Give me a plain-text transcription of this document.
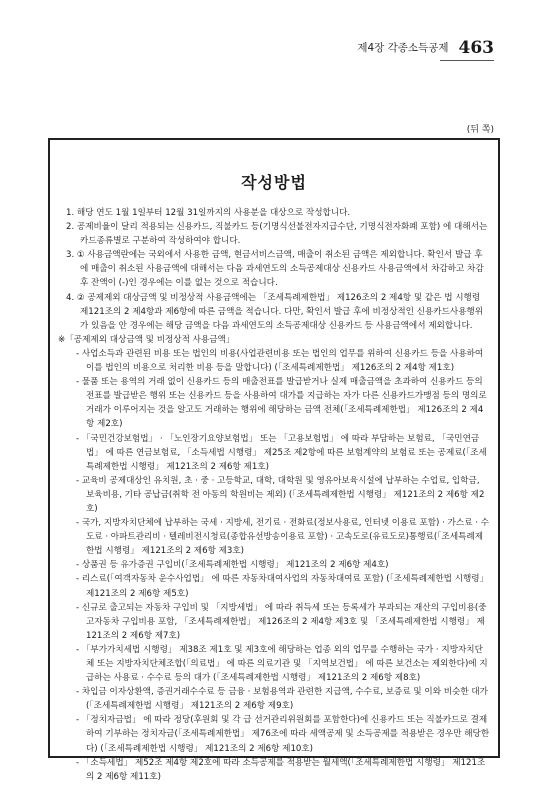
제4장 각종소득공제 463
(뒤 쪽)
작성방법

1. 해당 연도 1월 1일부터 12월 31일까지의 사용분을 대상으로 작성합니다.

2. 공제비율이 달리 적용되는 신용카드, 직불카드 등(기명식선불전자지급수단, 기명식전자화폐 포함) 에 대해서는 카드종류별로 구분하여 작성하여야 합니다.

3. ① 사용금액란에는 국외에서 사용한 금액, 현금서비스금액, 매출이 취소된 금액은 제외합니다. 확인서 발급 후에 매출이 취소된 사용금액에 대해서는 다음 과세연도의 소득공제대상 신용카드 사용금액에서 차감하고 차감 후 잔액이 (-)인 경우에는 이를 없는 것으로 적습니다.

4. ② 공제제외 대상금액 및 비정상적 사용금액에는 「조세특례제한법」 제126조의 2 제4항 및 같은 법 시행령 제121조의 2 제4항과 제6항에 따른 금액을 적습니다. 다만, 확인서 발급 후에 비정상적인 신용카드사용행위가 있음을 안 경우에는 해당 금액을 다음 과세연도의 소득공제대상 신용카드 등 사용금액에서 제외합니다.

※「공제제외 대상금액 및 비정상적 사용금액」

- 사업소득과 관련된 비용 또는 법인의 비용(사업관련비용 또는 법인의 업무를 위하여 신용카드 등을 사용하여 이를 법인의 비용으로 처리한 비용 등을 말합니다) (「조세특례제한법」 제126조의 2 제4항 제1호)

- 물품 또는 용역의 거래 없이 신용카드 등의 매출전표를 발급받거나 실제 매출금액을 초과하여 신용카드 등의 전표를 발급받은 행위 또는 신용카드 등을 사용하여 대가를 지급하는 자가 다른 신용카드가맹점 등의 명의로 거래가 이루어지는 것을 알고도 거래하는 행위에 해당하는 금액 전체(「조세특례제한법」 제126조의 2 제4항 제2호)

- 「국민건강보험법」 · 「노인장기요양보험법」 또는 「고용보험법」 에 따라 부담하는 보험료, 「국민연금법」 에 따른 연금보험료, 「소득세법 시행령」 제25조 제2항에 따른 보험계약의 보험료 또는 공제료(「조세특례제한법 시행령」 제121조의 2 제6항 제1호)

- 교육비 공제대상인 유치원, 초 · 중 · 고등학교, 대학, 대학원 및 영유아보육시설에 납부하는 수업료, 입학금, 보육비용, 기타 공납금(취학 전 아동의 학원비는 제외) (「조세특례제한법 시행령」 제121조의 2 제6항 제2호)

- 국가, 지방자치단체에 납부하는 국세 · 지방세, 전기료 · 전화료(정보사용료, 인터넷 이용료 포함) · 가스료 · 수도료 · 아파트관리비 · 텔레비전시청료(종합유선방송이용료 포함) · 고속도로(유료도로)통행료(「조세특례제한법 시행령」 제121조의 2 제6항 제3호)

- 상품권 등 유가증권 구입비(「조세특례제한법 시행령」 제121조의 2 제6항 제4호)

- 리스료(「여객자동차 운수사업법」 에 따른 자동차대여사업의 자동차대여료 포함) (「조세특례제한법 시행령」 제121조의 2 제6항 제5호)

- 신규로 출고되는 자동차 구입비 및 「지방세법」 에 따라 취득세 또는 등록세가 부과되는 재산의 구입비용(중고자동차 구입비용 포함, 「조세특례제한법」 제126조의 2 제4항 제3호 및 「조세특례제한법 시행령」 제121조의 2 제6항 제7호)

- 「부가가치세법 시행령」 제38조 제1호 및 제3호에 해당하는 업종 외의 업무를 수행하는 국가 · 지방자치단체 또는 지방자치단체조합(「의료법」 에 따른 의료기관 및 「지역보건법」 에 따른 보건소는 제외한다)에 지급하는 사용료 · 수수료 등의 대가 (「조세특례제한법 시행령」 제121조의 2 제6항 제8호)

- 차입금 이자상환액, 증권거래수수료 등 금융 · 보험용역과 관련한 지급액, 수수료, 보증료 및 이와 비슷한 대가 (「조세특례제한법 시행령」 제121조의 2 제6항 제9호)

- 「정치자금법」 에 따라 정당(후원회 및 각 급 선거관리위원회를 포함한다)에 신용카드 또는 직불카드로 결제하여 기부하는 정치자금(「조세특례제한법」 제76조에 따라 세액공제 및 소득공제를 적용받은 경우만 해당한다) (「조세특례제한법 시행령」 제121조의 2 제6항 제10호)

- 「소득세법」 제52조 제4항 제2호에 따라 소득공제를 적용받는 월세액(「조세특례제한법 시행령」 제121조의 2 제6항 제11호)
